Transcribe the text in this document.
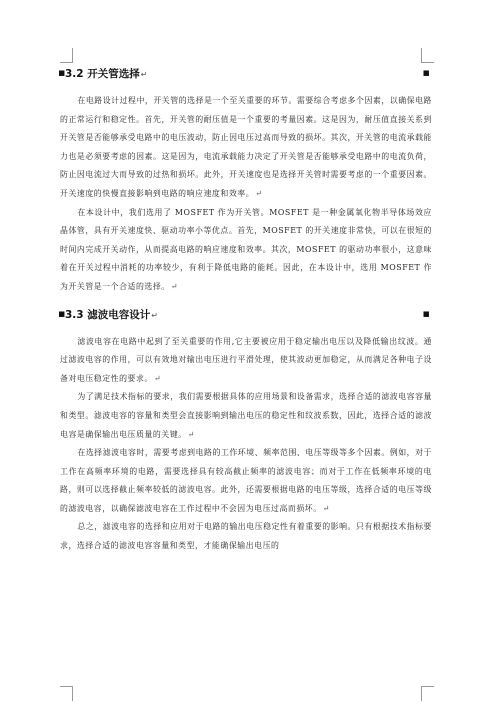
▪ 3.2 开关管选择↵	▪

在电路设计过程中，开关管的选择是一个至关重要的环节。需要综合考虑多个因素，以确保电路的正常运行和稳定性。首先，开关管的耐压值是一个重要的考量因素。这是因为，耐压值直接关系到开关管是否能够承受电路中的电压波动，防止因电压过高而导致的损坏。其次，开关管的电流承载能力也是必须要考虑的因素。这是因为，电流承载能力决定了开关管是否能够承受电路中的电流负荷，防止因电流过大而导致的过热和损坏。此外，开关速度也是选择开关管时需要考虑的一个重要因素。开关速度的快慢直接影响到电路的响应速度和效率。↵

在本设计中，我们选用了 MOSFET 作为开关管。MOSFET 是一种金属氧化物半导体场效应晶体管，具有开关速度快、驱动功率小等优点。首先，MOSFET 的开关速度非常快，可以在很短的时间内完成开关动作，从而提高电路的响应速度和效率。其次，MOSFET 的驱动功率很小，这意味着在开关过程中消耗的功率较少，有利于降低电路的能耗。因此，在本设计中，选用 MOSFET 作为开关管是一个合适的选择。↵

▪ 3.3 滤波电容设计↵	▪

滤波电容在电路中起到了至关重要的作用,它主要被应用于稳定输出电压以及降低输出纹波。通过滤波电容的作用，可以有效地对输出电压进行平滑处理，使其波动更加稳定，从而满足各种电子设备对电压稳定性的要求。↵

为了满足技术指标的要求，我们需要根据具体的应用场景和设备需求，选择合适的滤波电容容量和类型。滤波电容的容量和类型会直接影响到输出电压的稳定性和纹波系数，因此，选择合适的滤波电容是确保输出电压质量的关键。↵

在选择滤波电容时，需要考虑到电路的工作环境、频率范围、电压等级等多个因素。例如，对于工作在高频率环境的电路，需要选择具有较高截止频率的滤波电容；而对于工作在低频率环境的电路，则可以选择截止频率较低的滤波电容。此外，还需要根据电路的电压等级，选择合适的电压等级的滤波电容，以确保滤波电容在工作过程中不会因为电压过高而损坏。↵

总之，滤波电容的选择和应用对于电路的输出电压稳定性有着重要的影响。只有根据技术指标要求，选择合适的滤波电容容量和类型，才能确保输出电压的
